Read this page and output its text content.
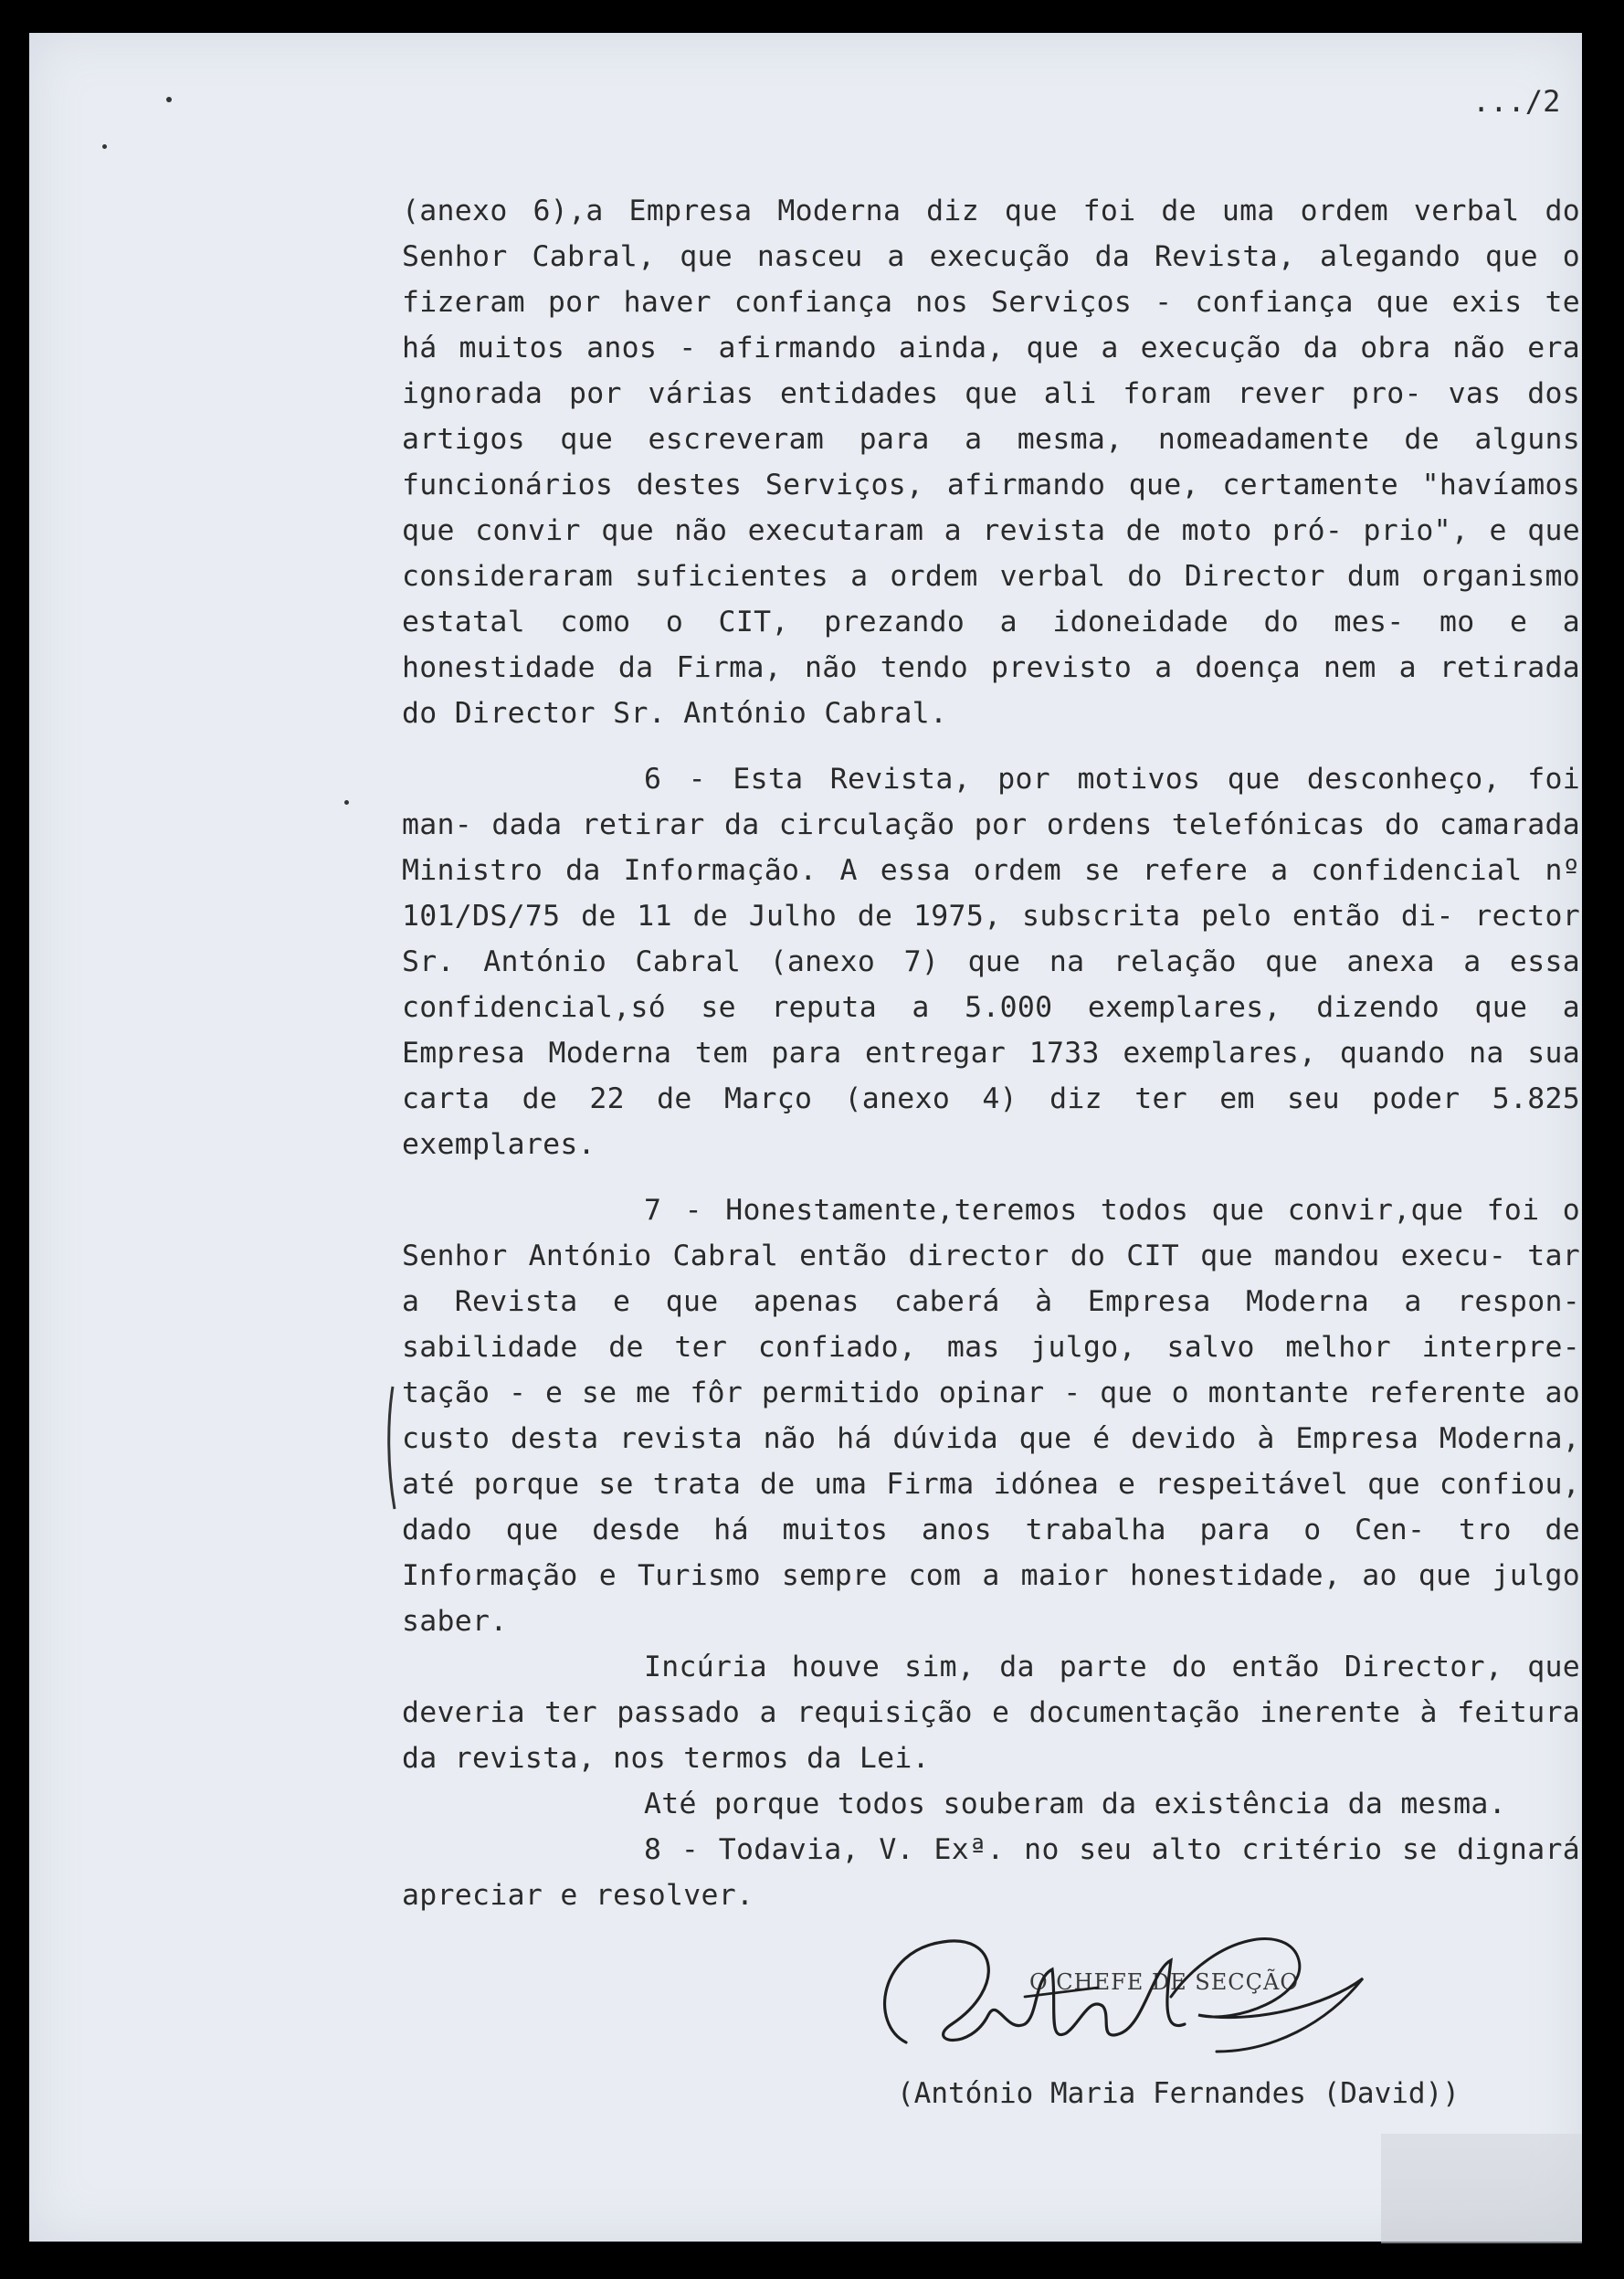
.../2

(anexo 6),a Empresa Moderna diz que foi de uma ordem verbal do Senhor Cabral, que nasceu a execução da Revista, alegando que o fizeram por haver confiança nos Serviços - confiança que exis te há muitos anos - afirmando ainda, que a execução da obra não era ignorada por várias entidades que ali foram rever pro- vas dos artigos que escreveram para a mesma, nomeadamente de alguns funcionários destes Serviços, afirmando que, certamente "havíamos que convir que não executaram a revista de moto pró- prio", e que consideraram suficientes a ordem verbal do Director dum organismo estatal como o CIT, prezando a idoneidade do mes- mo e a honestidade da Firma, não tendo previsto a doença nem a retirada do Director Sr. António Cabral.

6 - Esta Revista, por motivos que desconheço, foi man- dada retirar da circulação por ordens telefónicas do camarada Ministro da Informação. A essa ordem se refere a confidencial nº 101/DS/75 de 11 de Julho de 1975, subscrita pelo então di- rector Sr. António Cabral (anexo 7) que na relação que anexa a essa confidencial,só se reputa a 5.000 exemplares, dizendo que a Empresa Moderna tem para entregar 1733 exemplares, quando na sua carta de 22 de Março (anexo 4) diz ter em seu poder 5.825 exemplares.

7 - Honestamente,teremos todos que convir,que foi o Senhor António Cabral então director do CIT que mandou execu- tar a Revista e que apenas caberá à Empresa Moderna a respon- sabilidade de ter confiado, mas julgo, salvo melhor interpre- tação - e se me fôr permitido opinar - que o montante referente ao custo desta revista não há dúvida que é devido à Empresa Moderna, até porque se trata de uma Firma idónea e respeitável que confiou, dado que desde há muitos anos trabalha para o Cen- tro de Informação e Turismo sempre com a maior honestidade, ao que julgo saber.

Incúria houve sim, da parte do então Director, que deveria ter passado a requisição e documentação inerente à feitura da revista, nos termos da Lei.

Até porque todos souberam da existência da mesma.

8 - Todavia, V. Exª. no seu alto critério se dignará apreciar e resolver.

O CHEFE DE SECÇÃO
(António Maria Fernandes (David))
